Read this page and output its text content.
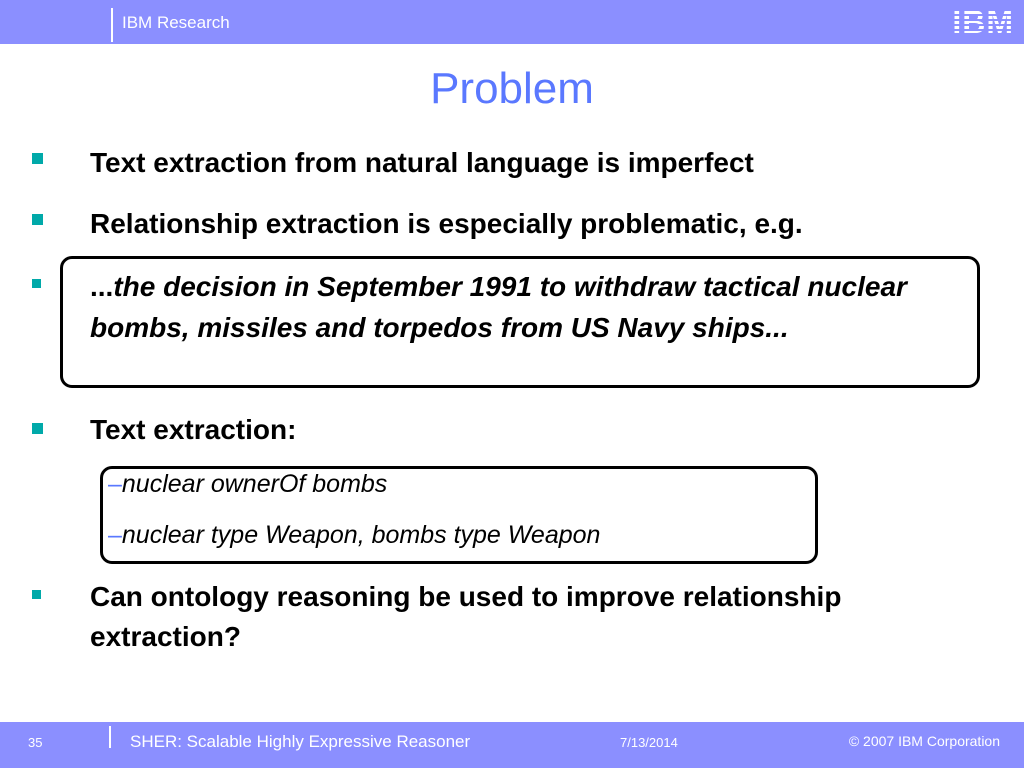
IBM Research	IBM
Problem
Text extraction from natural language is imperfect
Relationship extraction is especially problematic, e.g.
...the decision in September 1991 to withdraw tactical nuclear bombs, missiles and torpedos from US Navy ships...
Text extraction:
–nuclear ownerOf bombs
–nuclear type Weapon, bombs type Weapon
Can ontology reasoning be used to improve relationship extraction?
35	SHER: Scalable Highly Expressive Reasoner	7/13/2014	© 2007 IBM Corporation
